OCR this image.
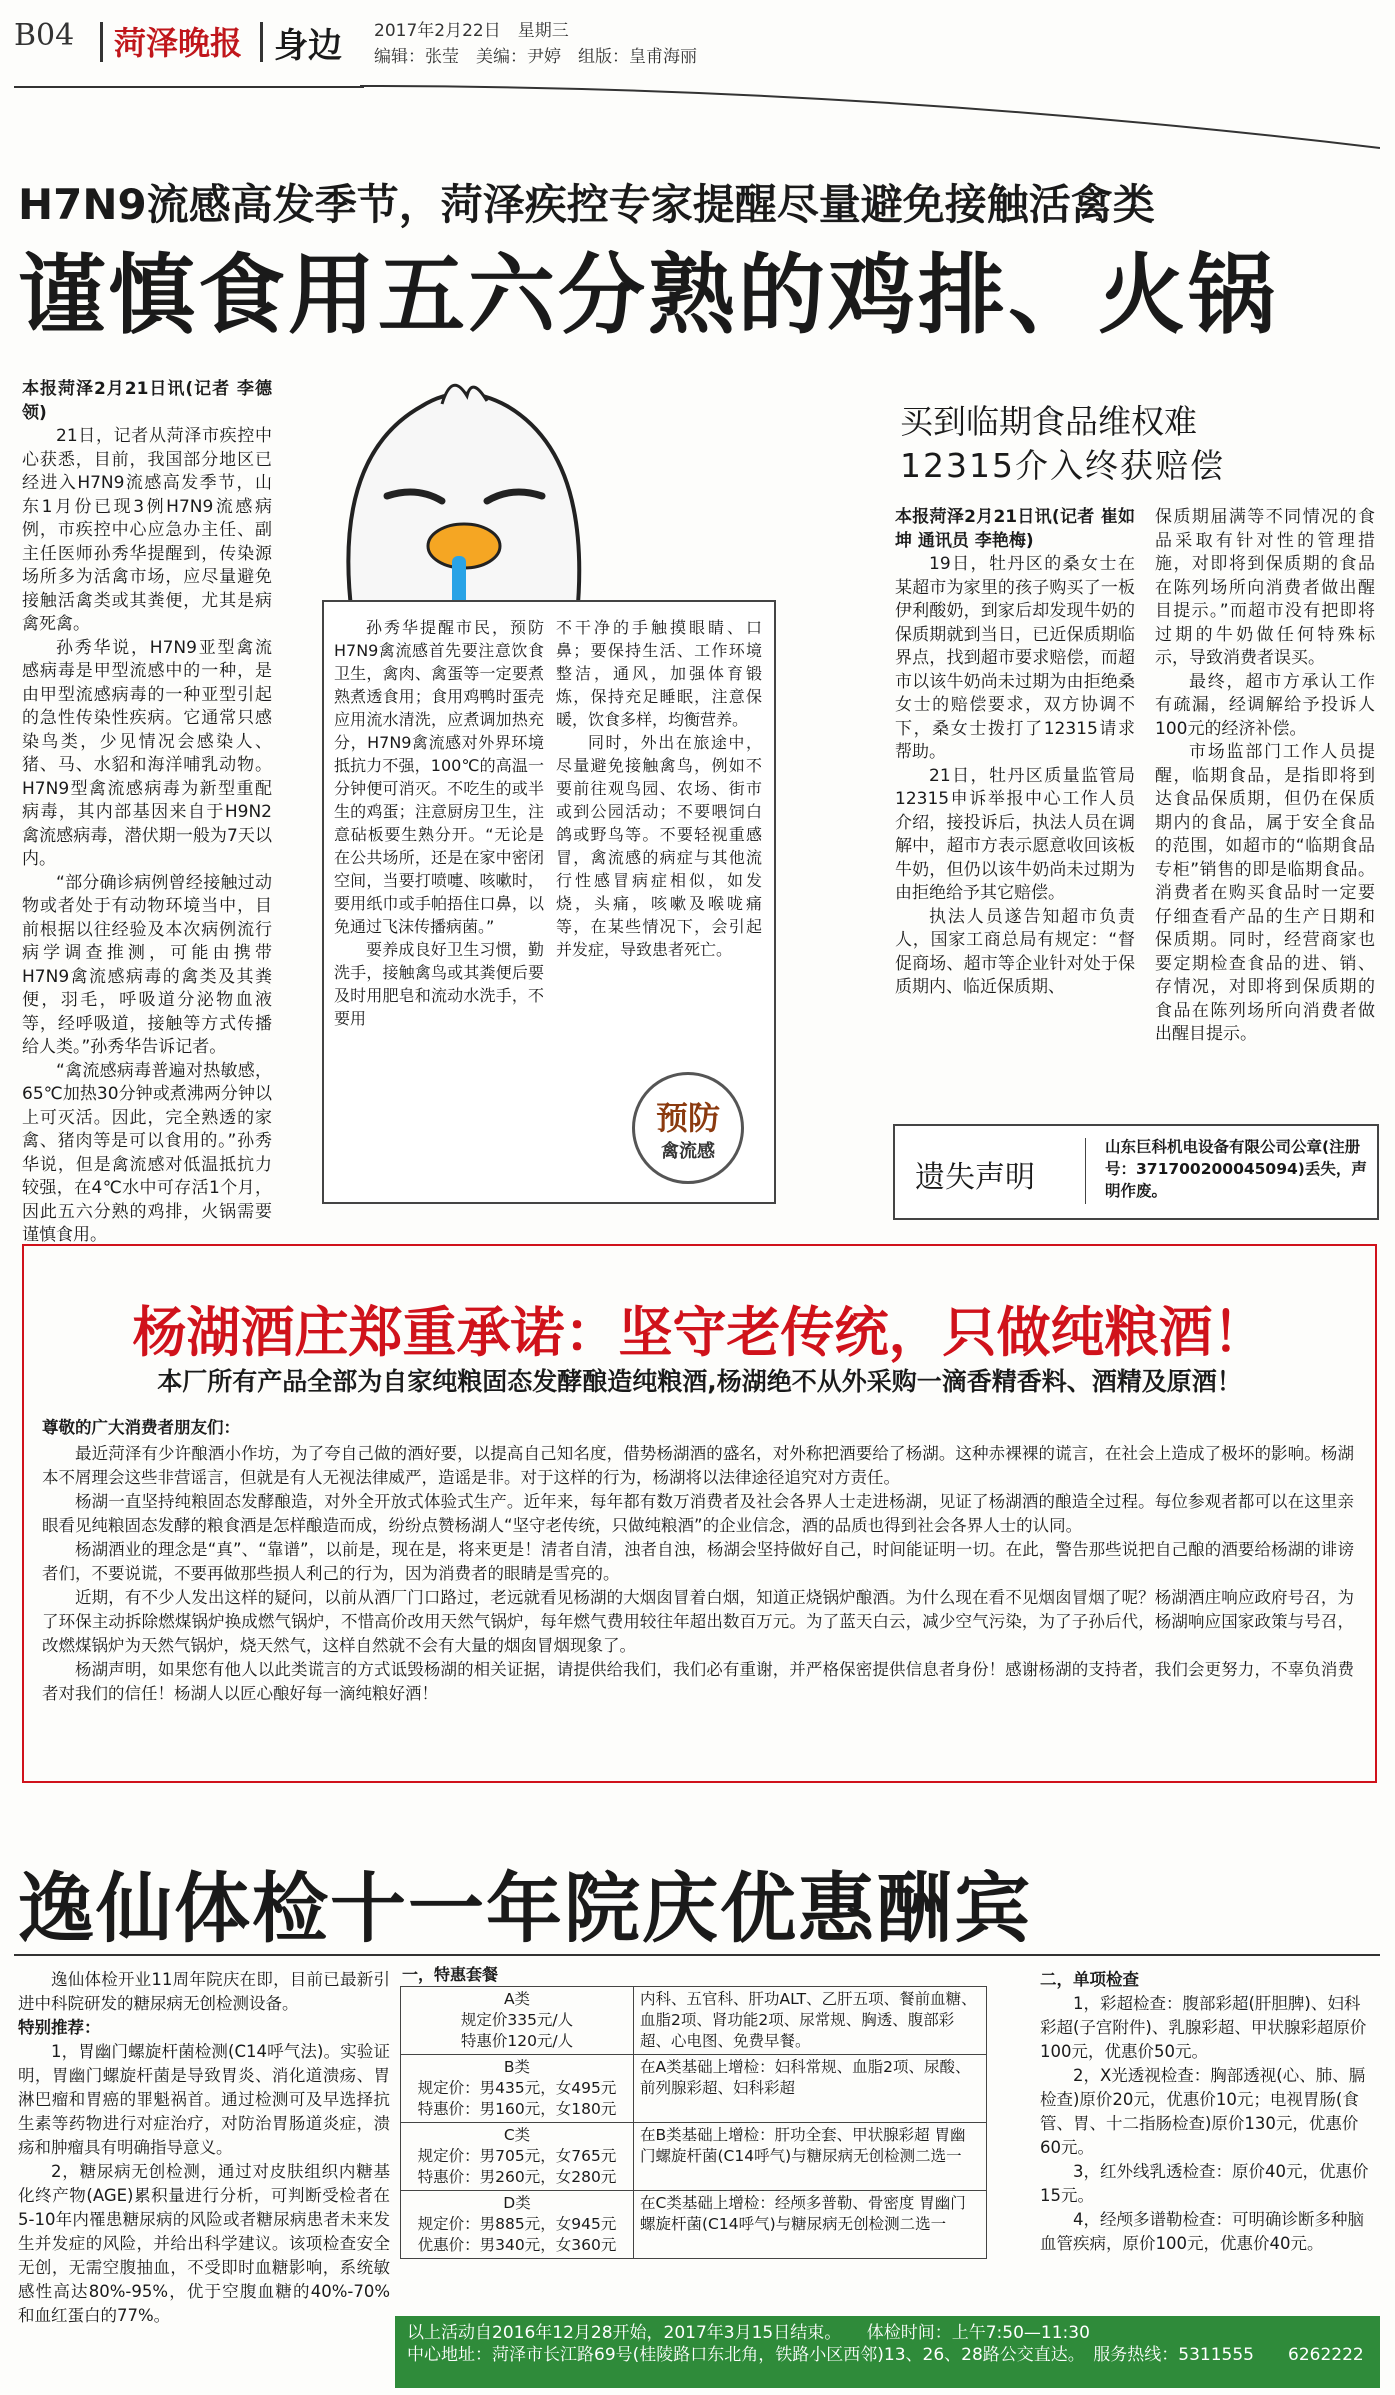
B04 菏泽晚报 身边 2017年2月22日　星期三
编辑：张莹　美编：尹婷　组版：皇甫海丽
H7N9流感高发季节，菏泽疾控专家提醒尽量避免接触活禽类
谨慎食用五六分熟的鸡排、火锅

本报菏泽2月21日讯(记者 李德领)

21日，记者从菏泽市疾控中心获悉，目前，我国部分地区已经进入H7N9流感高发季节，山东1月份已现3例H7N9流感病例，市疾控中心应急办主任、副主任医师孙秀华提醒到，传染源场所多为活禽市场，应尽量避免接触活禽类或其粪便，尤其是病禽死禽。

孙秀华说，H7N9亚型禽流感病毒是甲型流感中的一种，是由甲型流感病毒的一种亚型引起的急性传染性疾病。它通常只感染鸟类，少见情况会感染人、猪、马、水貂和海洋哺乳动物。H7N9型禽流感病毒为新型重配病毒，其内部基因来自于H9N2禽流感病毒，潜伏期一般为7天以内。

“部分确诊病例曾经接触过动物或者处于有动物环境当中，目前根据以往经验及本次病例流行病学调查推测，可能由携带H7N9禽流感病毒的禽类及其粪便，羽毛，呼吸道分泌物血液等，经呼吸道，接触等方式传播给人类。”孙秀华告诉记者。

“禽流感病毒普遍对热敏感，65℃加热30分钟或煮沸两分钟以上可灭活。因此，完全熟透的家禽、猪肉等是可以食用的。”孙秀华说，但是禽流感对低温抵抗力较强，在4℃水中可存活1个月，因此五六分熟的鸡排，火锅需要谨慎食用。

孙秀华提醒市民，预防H7N9禽流感首先要注意饮食卫生，禽肉、禽蛋等一定要煮熟煮透食用；食用鸡鸭时蛋壳应用流水清洗，应煮调加热充分，H7N9禽流感对外界环境抵抗力不强，100℃的高温一分钟便可消灭。不吃生的或半生的鸡蛋；注意厨房卫生，注意砧板要生熟分开。“无论是在公共场所，还是在家中密闭空间，当要打喷嚏、咳嗽时，要用纸巾或手帕捂住口鼻，以免通过飞沫传播病菌。”

要养成良好卫生习惯，勤洗手，接触禽鸟或其粪便后要及时用肥皂和流动水洗手，不要用

不干净的手触摸眼睛、口鼻；要保持生活、工作环境整洁，通风，加强体育锻炼，保持充足睡眠，注意保暖，饮食多样，均衡营养。

同时，外出在旅途中，尽量避免接触禽鸟，例如不要前往观鸟园、农场、街市或到公园活动；不要喂饲白鸽或野鸟等。不要轻视重感冒，禽流感的病症与其他流行性感冒病症相似，如发烧，头痛，咳嗽及喉咙痛等，在某些情况下，会引起并发症，导致患者死亡。

预防
禽流感
买到临期食品维权难
12315介入终获赔偿

本报菏泽2月21日讯(记者 崔如坤 通讯员 李艳梅)

19日，牡丹区的桑女士在某超市为家里的孩子购买了一板伊利酸奶，到家后却发现牛奶的保质期就到当日，已近保质期临界点，找到超市要求赔偿，而超市以该牛奶尚未过期为由拒绝桑女士的赔偿要求，双方协调不下，桑女士拨打了12315请求帮助。

21日，牡丹区质量监管局12315申诉举报中心工作人员介绍，接投诉后，执法人员在调解中，超市方表示愿意收回该板牛奶，但仍以该牛奶尚未过期为由拒绝给予其它赔偿。

执法人员遂告知超市负责人，国家工商总局有规定：“督促商场、超市等企业针对处于保质期内、临近保质期、

保质期届满等不同情况的食品采取有针对性的管理措施，对即将到保质期的食品在陈列场所向消费者做出醒目提示。”而超市没有把即将过期的牛奶做任何特殊标示，导致消费者误买。

最终，超市方承认工作有疏漏，经调解给予投诉人100元的经济补偿。

市场监部门工作人员提醒，临期食品，是指即将到达食品保质期，但仍在保质期内的食品，属于安全食品的范围，如超市的“临期食品专柜”销售的即是临期食品。消费者在购买食品时一定要仔细查看产品的生产日期和保质期。同时，经营商家也要定期检查食品的进、销、存情况，对即将到保质期的食品在陈列场所向消费者做出醒目提示。

遗失声明
山东巨科机电设备有限公司公章(注册号：371700200045094)丢失，声明作废。
杨湖酒庄郑重承诺：坚守老传统，只做纯粮酒！
本厂所有产品全部为自家纯粮固态发酵酿造纯粮酒,杨湖绝不从外采购一滴香精香料、酒精及原酒！

尊敬的广大消费者朋友们：

最近菏泽有少许酿酒小作坊，为了夸自己做的酒好要，以提高自己知名度，借势杨湖酒的盛名，对外称把酒要给了杨湖。这种赤裸裸的谎言，在社会上造成了极坏的影响。杨湖本不屑理会这些非营谣言，但就是有人无视法律威严，造谣是非。对于这样的行为，杨湖将以法律途径追究对方责任。

杨湖一直坚持纯粮固态发酵酿造，对外全开放式体验式生产。近年来，每年都有数万消费者及社会各界人士走进杨湖，见证了杨湖酒的酿造全过程。每位参观者都可以在这里亲眼看见纯粮固态发酵的粮食酒是怎样酿造而成，纷纷点赞杨湖人“坚守老传统，只做纯粮酒”的企业信念，酒的品质也得到社会各界人士的认同。

杨湖酒业的理念是“真”、“靠谱”，以前是，现在是，将来更是！清者自清，浊者自浊，杨湖会坚持做好自己，时间能证明一切。在此，警告那些说把自己酿的酒要给杨湖的诽谤者们，不要说谎，不要再做那些损人利己的行为，因为消费者的眼睛是雪亮的。

近期，有不少人发出这样的疑问，以前从酒厂门口路过，老远就看见杨湖的大烟囱冒着白烟，知道正烧锅炉酿酒。为什么现在看不见烟囱冒烟了呢？杨湖酒庄响应政府号召，为了环保主动拆除燃煤锅炉换成燃气锅炉，不惜高价改用天然气锅炉，每年燃气费用较往年超出数百万元。为了蓝天白云，减少空气污染，为了子孙后代，杨湖响应国家政策与号召，改燃煤锅炉为天然气锅炉，烧天然气，这样自然就不会有大量的烟囱冒烟现象了。

杨湖声明，如果您有他人以此类谎言的方式诋毁杨湖的相关证据，请提供给我们，我们必有重谢，并严格保密提供信息者身份！感谢杨湖的支持者，我们会更努力，不辜负消费者对我们的信任！杨湖人以匠心酿好每一滴纯粮好酒！

逸仙体检十一年院庆优惠酬宾

逸仙体检开业11周年院庆在即，目前已最新引进中科院研发的糖尿病无创检测设备。

特别推荐：

1，胃幽门螺旋杆菌检测(C14呼气法)。实验证明，胃幽门螺旋杆菌是导致胃炎、消化道溃疡、胃淋巴瘤和胃癌的罪魁祸首。通过检测可及早选择抗生素等药物进行对症治疗，对防治胃肠道炎症，溃疡和肿瘤具有明确指导意义。

2，糖尿病无创检测，通过对皮肤组织内糖基化终产物(AGE)累积量进行分析，可判断受检者在5-10年内罹患糖尿病的风险或者糖尿病患者未来发生并发症的风险，并给出科学建议。该项检查安全无创，无需空腹抽血，不受即时血糖影响，系统敏感性高达80%-95%，优于空腹血糖的40%-70%和血红蛋白的77%。

一，特惠套餐
A类
规定价335元/人
特惠价120元/人	内科、五官科、肝功ALT、乙肝五项、餐前血糖、血脂2项、肾功能2项、尿常规、胸透、腹部彩超、心电图、免费早餐。

B类
规定价：男435元，女495元
特惠价：男160元，女180元	在A类基础上增检：妇科常规、血脂2项、尿酸、前列腺彩超、妇科彩超

C类
规定价：男705元，女765元
特惠价：男260元，女280元	在B类基础上增检：肝功全套、甲状腺彩超 胃幽门螺旋杆菌(C14呼气)与糖尿病无创检测二选一

D类
规定价：男885元，女945元
优惠价：男340元，女360元	在C类基础上增检：经颅多普勒、骨密度 胃幽门螺旋杆菌(C14呼气)与糖尿病无创检测二选一
二，单项检查
1，彩超检查：腹部彩超(肝胆脾)、妇科彩超(子宫附件)、乳腺彩超、甲状腺彩超原价100元，优惠价50元。
2，X光透视检查：胸部透视(心、肺、膈检查)原价20元，优惠价10元；电视胃肠(食管、胃、十二指肠检查)原价130元，优惠价60元。
3，红外线乳透检查：原价40元，优惠价15元。
4，经颅多谱勒检查：可明确诊断多种脑血管疾病，原价100元，优惠价40元。
以上活动自2016年12月28开始，2017年3月15日结束。　　体检时间：上午7:50—11:30
中心地址：菏泽市长江路69号(桂陵路口东北角，铁路小区西邻)13、26、28路公交直达。　服务热线：5311555　　6262222
